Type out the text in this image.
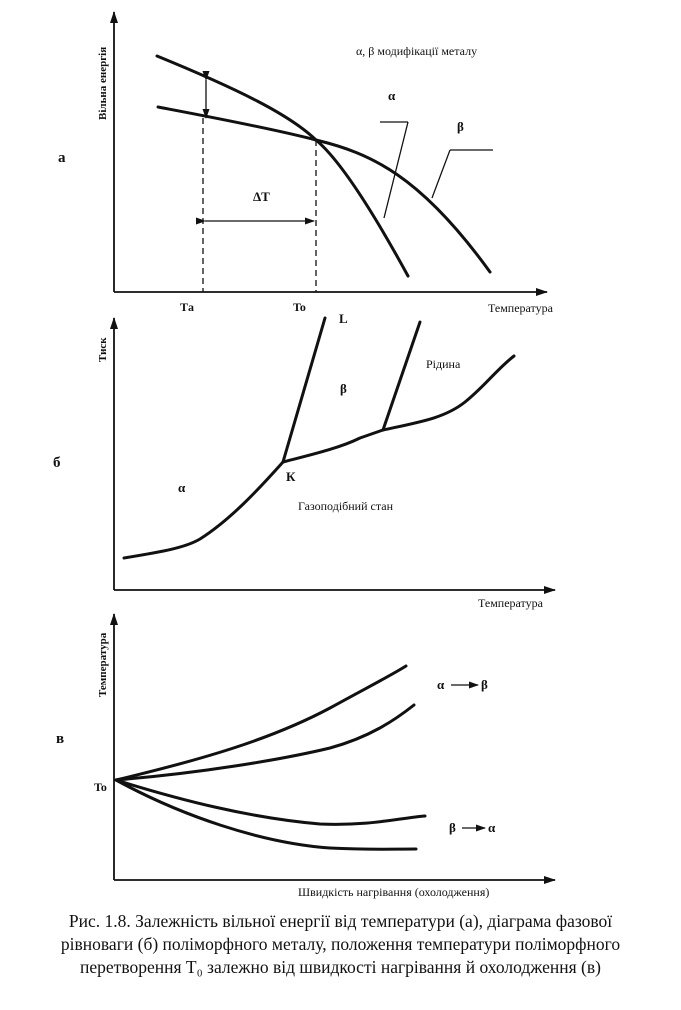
а
Вільна енергія
Температура
α, β модифікації металу
α
β
ΔT
Tа	To
б
Тиск
Температура
L
β
Рідина
α
К
Газоподібний стан
в
Температура
Швидкість нагрівання (охолодження)
To
α	β
β α
Рис. 1.8. Залежність вільної енергії від температури (а), діаграма фазової
рівноваги (б) поліморфного металу, положення температури поліморфного
перетворення T₀ залежно від швидкості нагрівання й охолодження (в)
